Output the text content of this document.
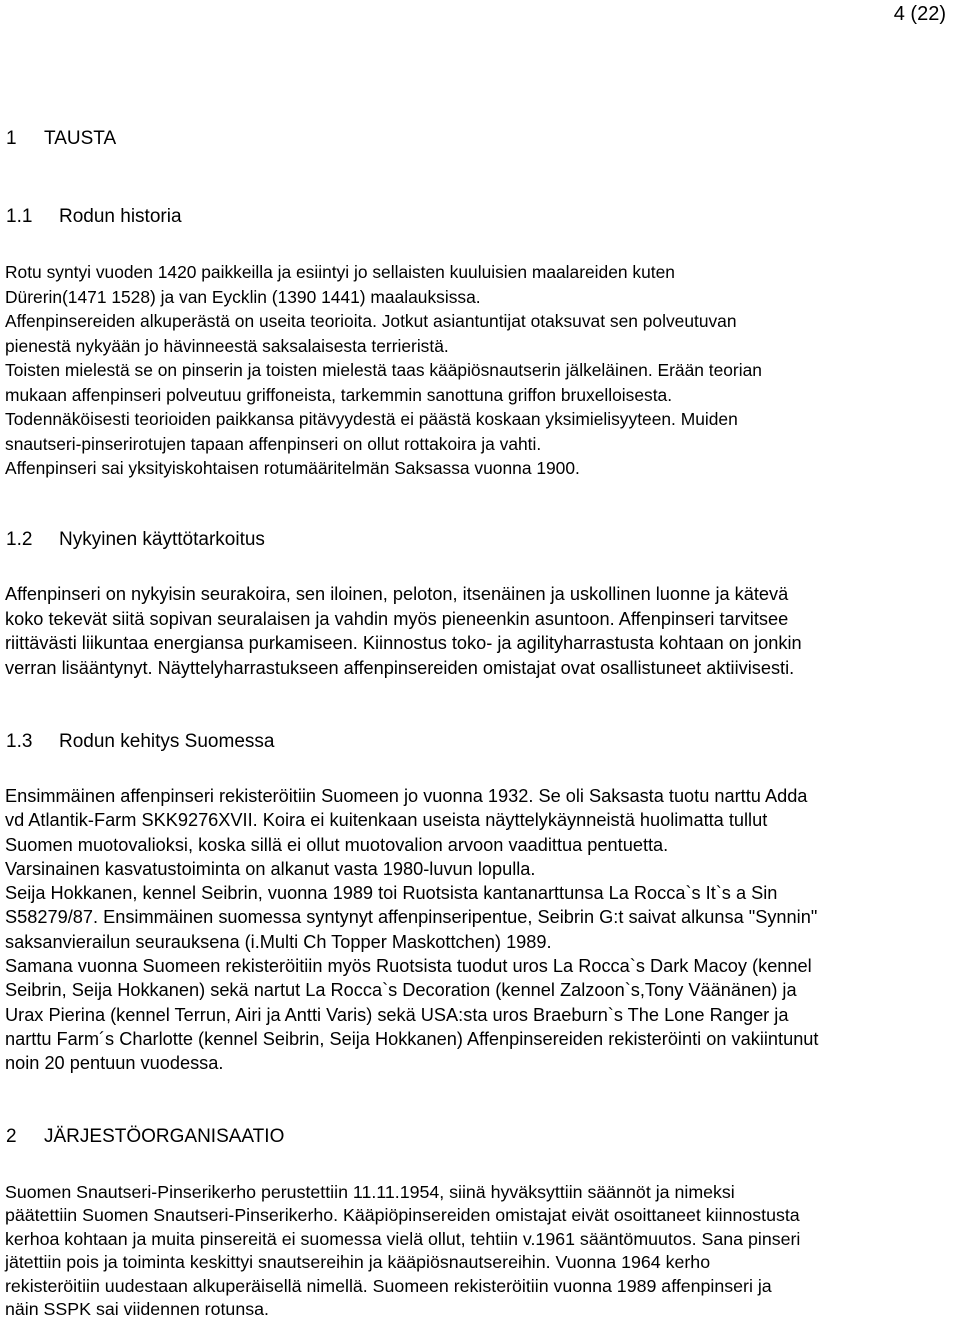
4 (22)
1 TAUSTA
1.1 Rodun historia
Rotu syntyi vuoden 1420 paikkeilla ja esiintyi jo sellaisten kuuluisien maalareiden kuten
Dürerin(1471 1528) ja van Eycklin (1390 1441) maalauksissa.
Affenpinsereiden alkuperästä on useita teorioita. Jotkut asiantuntijat otaksuvat sen polveutuvan
pienestä nykyään jo hävinneestä saksalaisesta terrieristä.
Toisten mielestä se on pinserin ja toisten mielestä taas kääpiösnautserin jälkeläinen. Erään teorian
mukaan affenpinseri polveutuu griffoneista, tarkemmin sanottuna griffon bruxelloisesta.
Todennäköisesti teorioiden paikkansa pitävyydestä ei päästä koskaan yksimielisyyteen. Muiden
snautseri-pinserirotujen tapaan affenpinseri on ollut rottakoira ja vahti.
Affenpinseri sai yksityiskohtaisen rotumääritelmän Saksassa vuonna 1900.
1.2 Nykyinen käyttötarkoitus
Affenpinseri on nykyisin seurakoira, sen iloinen, peloton, itsenäinen ja uskollinen luonne ja kätevä
koko tekevät siitä sopivan seuralaisen ja vahdin myös pieneenkin asuntoon. Affenpinseri tarvitsee
riittävästi liikuntaa energiansa purkamiseen. Kiinnostus toko- ja agilityharrastusta kohtaan on jonkin
verran lisääntynyt. Näyttelyharrastukseen affenpinsereiden omistajat ovat osallistuneet aktiivisesti.
1.3 Rodun kehitys Suomessa
Ensimmäinen affenpinseri rekisteröitiin Suomeen jo vuonna 1932. Se oli Saksasta tuotu narttu Adda
vd Atlantik-Farm SKK9276XVII. Koira ei kuitenkaan useista näyttelykäynneistä huolimatta tullut
Suomen muotovalioksi, koska sillä ei ollut muotovalion arvoon vaadittua pentuetta.
Varsinainen kasvatustoiminta on alkanut vasta 1980-luvun lopulla.
Seija Hokkanen, kennel Seibrin, vuonna 1989 toi Ruotsista kantanarttunsa La Rocca`s It`s a Sin
S58279/87. Ensimmäinen suomessa syntynyt affenpinseripentue, Seibrin G:t saivat alkunsa "Synnin"
saksanvierailun seurauksena (i.Multi Ch Topper Maskottchen) 1989.
Samana vuonna Suomeen rekisteröitiin myös Ruotsista tuodut uros La Rocca`s Dark Macoy (kennel
Seibrin, Seija Hokkanen) sekä nartut La Rocca`s Decoration (kennel Zalzoon`s,Tony Väänänen) ja
Urax Pierina (kennel Terrun, Airi ja Antti Varis) sekä USA:sta uros Braeburn`s The Lone Ranger ja
narttu Farm´s Charlotte (kennel Seibrin, Seija Hokkanen) Affenpinsereiden rekisteröinti on vakiintunut
noin 20 pentuun vuodessa.
2 JÄRJESTÖORGANISAATIO
Suomen Snautseri-Pinserikerho perustettiin 11.11.1954, siinä hyväksyttiin säännöt ja nimeksi
päätettiin Suomen Snautseri-Pinserikerho. Kääpiöpinsereiden omistajat eivät osoittaneet kiinnostusta
kerhoa kohtaan ja muita pinsereitä ei suomessa vielä ollut, tehtiin v.1961 sääntömuutos. Sana pinseri
jätettiin pois ja toiminta keskittyi snautsereihin ja kääpiösnautsereihin. Vuonna 1964 kerho
rekisteröitiin uudestaan alkuperäisellä nimellä. Suomeen rekisteröitiin vuonna 1989 affenpinseri ja
näin SSPK sai viidennen rotunsa.
